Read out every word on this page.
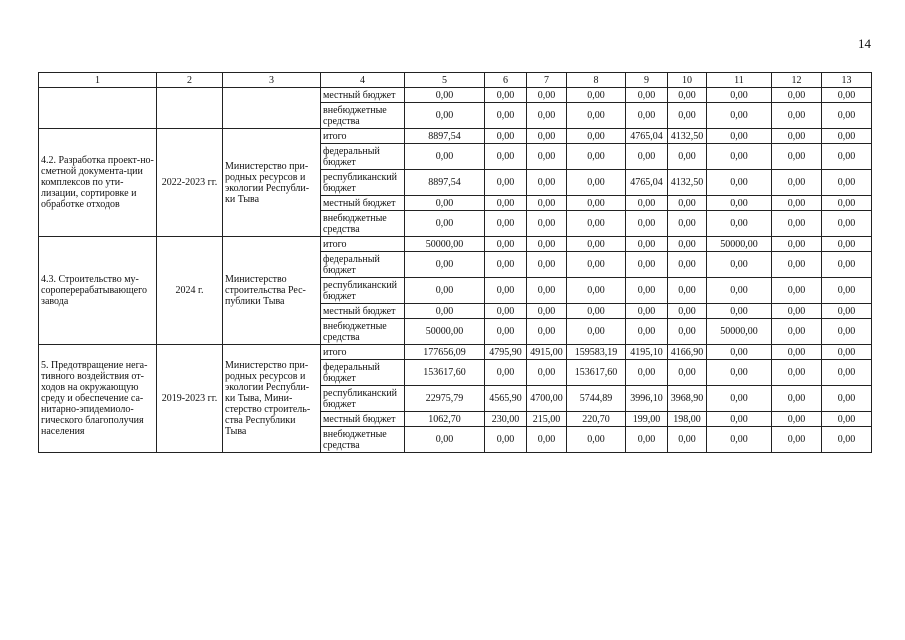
14
1	2	3	4	5	6	7	8	9	10	11	12	13
			местный бюджет	0,00	0,00	0,00	0,00	0,00	0,00	0,00	0,00	0,00
			внебюджетные средства	0,00	0,00	0,00	0,00	0,00	0,00	0,00	0,00	0,00
4.2. Разработка проект-но-сметной документа-ции комплексов по ути-лизации, сортировке и обработке отходов	2022-2023 гг.	Министерство при-родных ресурсов и экологии Республи-ки Тыва	итого	8897,54	0,00	0,00	0,00	4765,04	4132,50	0,00	0,00	0,00
			федеральный бюджет	0,00	0,00	0,00	0,00	0,00	0,00	0,00	0,00	0,00
			республиканский бюджет	8897,54	0,00	0,00	0,00	4765,04	4132,50	0,00	0,00	0,00
			местный бюджет	0,00	0,00	0,00	0,00	0,00	0,00	0,00	0,00	0,00
			внебюджетные средства	0,00	0,00	0,00	0,00	0,00	0,00	0,00	0,00	0,00
4.3. Строительство му-сороперерабатывающего завода	2024 г.	Министерство строительства Рес-публики Тыва	итого	50000,00	0,00	0,00	0,00	0,00	0,00	50000,00	0,00	0,00
			федеральный бюджет	0,00	0,00	0,00	0,00	0,00	0,00	0,00	0,00	0,00
			республиканский бюджет	0,00	0,00	0,00	0,00	0,00	0,00	0,00	0,00	0,00
			местный бюджет	0,00	0,00	0,00	0,00	0,00	0,00	0,00	0,00	0,00
			внебюджетные средства	50000,00	0,00	0,00	0,00	0,00	0,00	50000,00	0,00	0,00
5. Предотвращение нега-тивного воздействия от-ходов на окружающую среду и обеспечение са-нитарно-эпидемиоло-гического благополучия населения	2019-2023 гг.	Министерство при-родных ресурсов и экологии Республи-ки Тыва, Мини-стерство строитель-ства Республики Тыва	итого	177656,09	4795,90	4915,00	159583,19	4195,10	4166,90	0,00	0,00	0,00
			федеральный бюджет	153617,60	0,00	0,00	153617,60	0,00	0,00	0,00	0,00	0,00
			республиканский бюджет	22975,79	4565,90	4700,00	5744,89	3996,10	3968,90	0,00	0,00	0,00
			местный бюджет	1062,70	230,00	215,00	220,70	199,00	198,00	0,00	0,00	0,00
			внебюджетные средства	0,00	0,00	0,00	0,00	0,00	0,00	0,00	0,00	0,00
